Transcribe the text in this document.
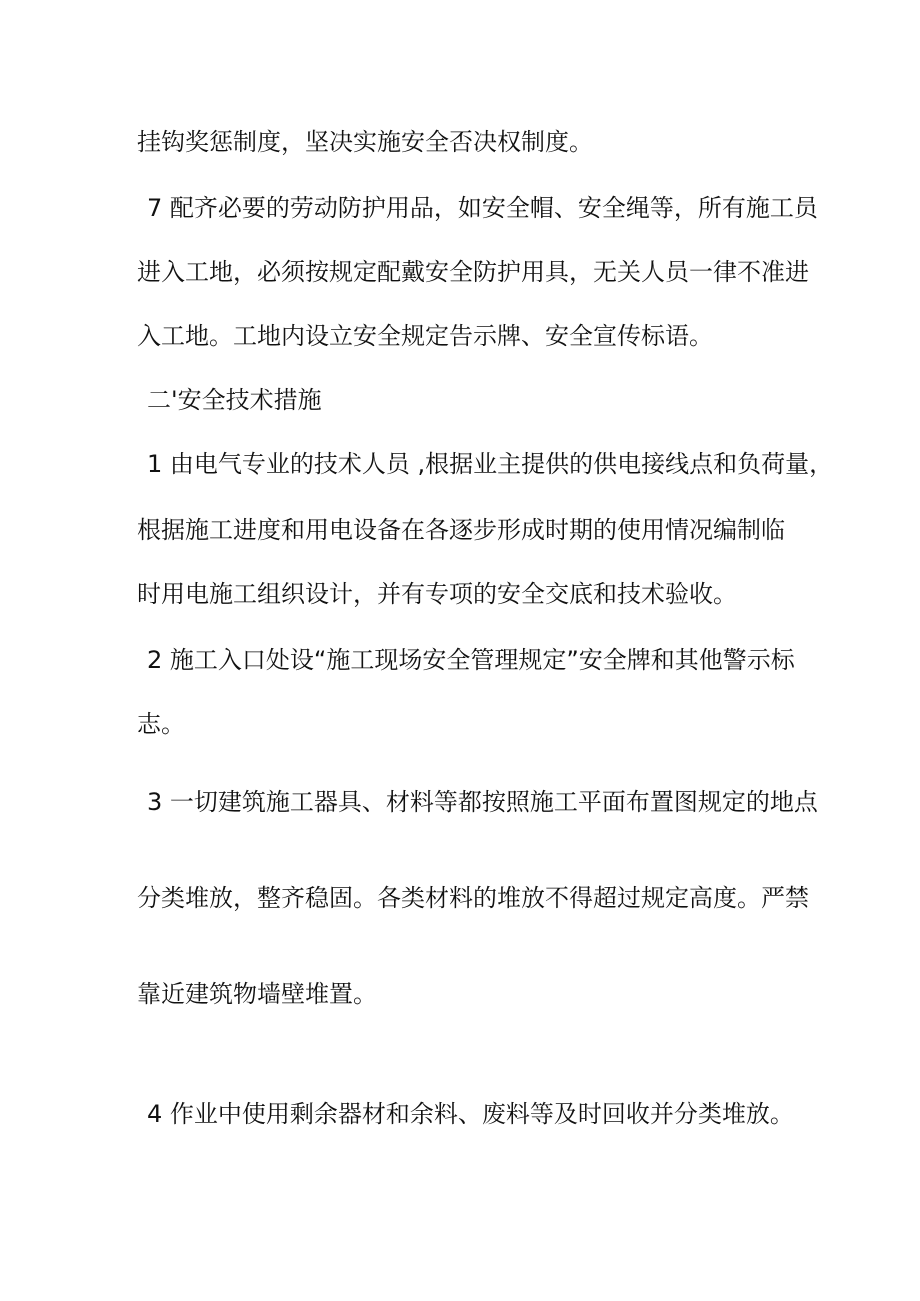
挂钩奖惩制度，坚决实施安全否决权制度。
7 配齐必要的劳动防护用品，如安全帽、安全绳等，所有施工员
进入工地，必须按规定配戴安全防护用具，无关人员一律不准进
入工地。工地内设立安全规定告示牌、安全宣传标语。
二'安全技术措施
1 由电气专业的技术人员 ,根据业主提供的供电接线点和负荷量，
根据施工进度和用电设备在各逐步形成时期的使用情况编制临
时用电施工组织设计，并有专项的安全交底和技术验收。
2 施工入口处设“施工现场安全管理规定”安全牌和其他警示标
志。
3 一切建筑施工器具、材料等都按照施工平面布置图规定的地点
分类堆放，整齐稳固。各类材料的堆放不得超过规定高度。严禁
靠近建筑物墙壁堆置。
4 作业中使用剩余器材和余料、废料等及时回收并分类堆放。
